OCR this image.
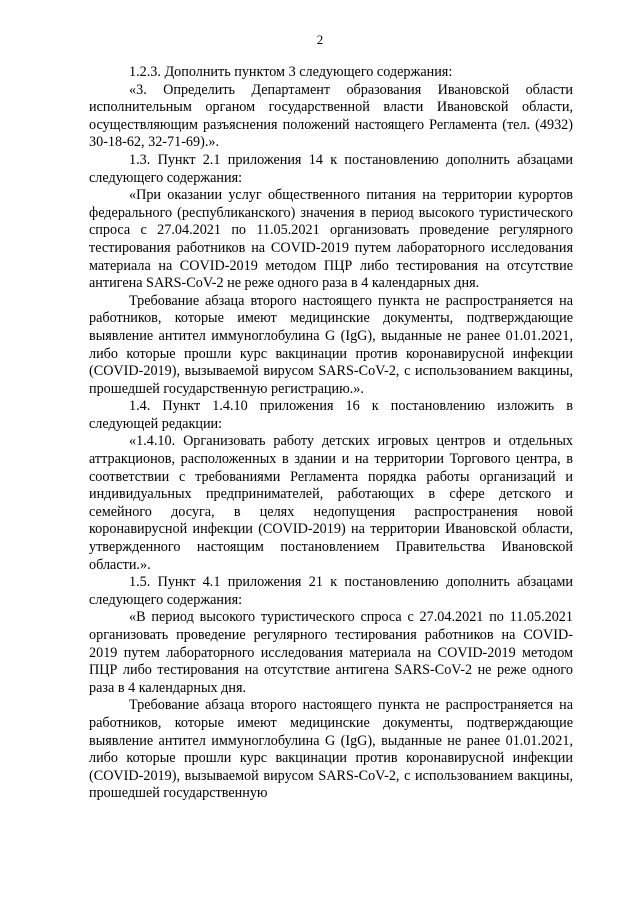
2

1.2.3. Дополнить пунктом 3 следующего содержания:

«3. Определить Департамент образования Ивановской области исполнительным органом государственной власти Ивановской области, осуществляющим разъяснения положений настоящего Регламента (тел. (4932) 30-18-62, 32-71-69).».

1.3. Пункт 2.1 приложения 14 к постановлению дополнить абзацами следующего содержания:

«При оказании услуг общественного питания на территории курортов федерального (республиканского) значения в период высокого туристического спроса с 27.04.2021 по 11.05.2021 организовать проведение регулярного тестирования работников на COVID-2019 путем лабораторного исследования материала на COVID-2019 методом ПЦР либо тестирования на отсутствие антигена SARS-CoV-2 не реже одного раза в 4 календарных дня.

Требование абзаца второго настоящего пункта не распространяется на работников, которые имеют медицинские документы, подтверждающие выявление антител иммуноглобулина G (IgG), выданные не ранее 01.01.2021, либо которые прошли курс вакцинации против коронавирусной инфекции (COVID-2019), вызываемой вирусом SARS-CoV-2, с использованием вакцины, прошедшей государственную регистрацию.».

1.4. Пункт 1.4.10 приложения 16 к постановлению изложить в следующей редакции:

«1.4.10. Организовать работу детских игровых центров и отдельных аттракционов, расположенных в здании и на территории Торгового центра, в соответствии с требованиями Регламента порядка работы организаций и индивидуальных предпринимателей, работающих в сфере детского и семейного досуга, в целях недопущения распространения новой коронавирусной инфекции (COVID-2019) на территории Ивановской области, утвержденного настоящим постановлением Правительства Ивановской области.».

1.5. Пункт 4.1 приложения 21 к постановлению дополнить абзацами следующего содержания:

«В период высокого туристического спроса с 27.04.2021 по 11.05.2021 организовать проведение регулярного тестирования работников на COVID-2019 путем лабораторного исследования материала на COVID-2019 методом ПЦР либо тестирования на отсутствие антигена SARS-CoV-2 не реже одного раза в 4 календарных дня.

Требование абзаца второго настоящего пункта не распространяется на работников, которые имеют медицинские документы, подтверждающие выявление антител иммуноглобулина G (IgG), выданные не ранее 01.01.2021, либо которые прошли курс вакцинации против коронавирусной инфекции (COVID-2019), вызываемой вирусом SARS-CoV-2, с использованием вакцины, прошедшей государственную
